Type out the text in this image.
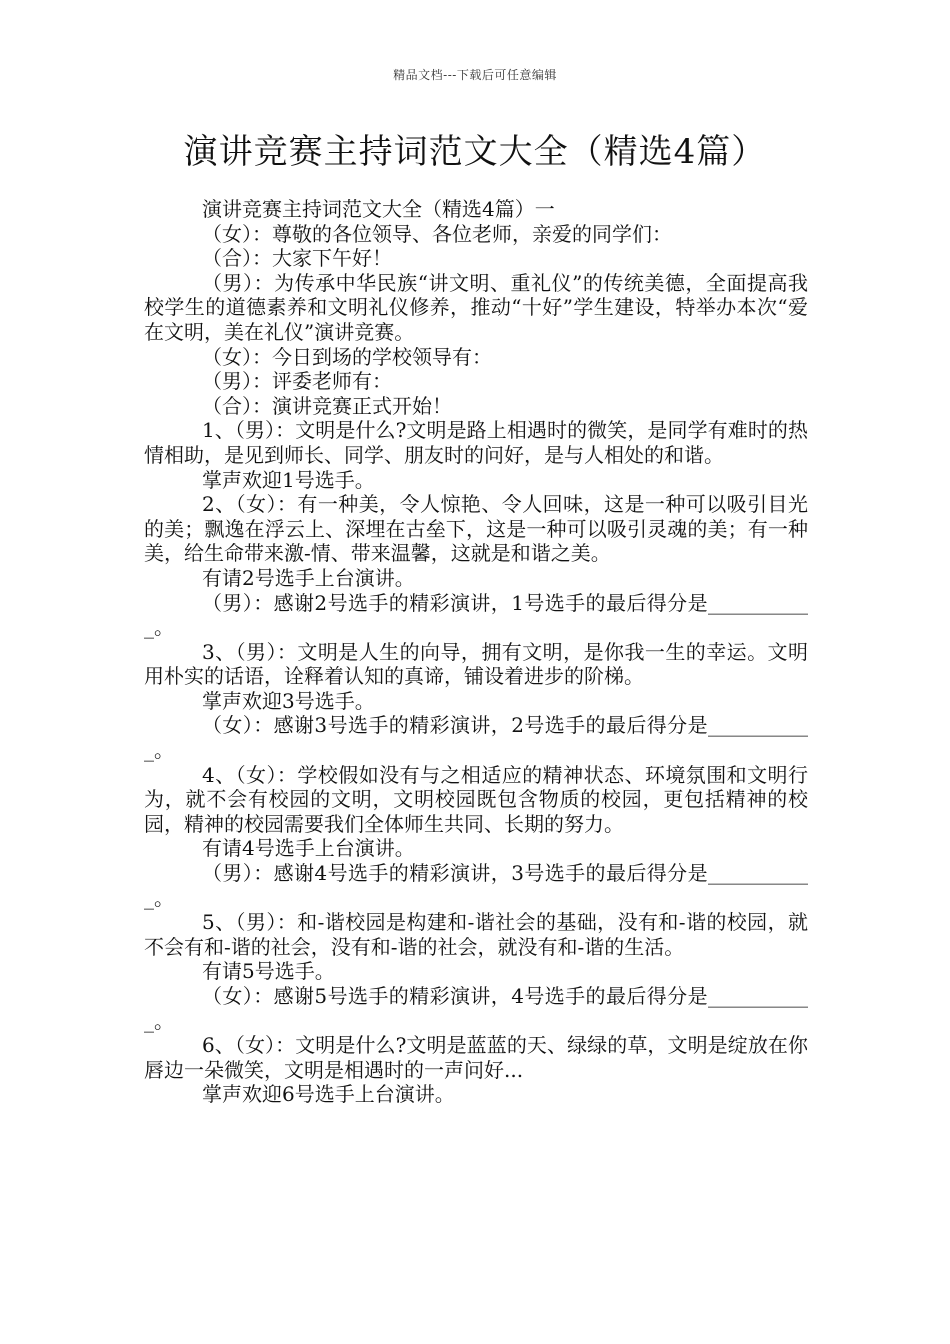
精品文档---下载后可任意编辑
演讲竞赛主持词范文大全（精选4篇）

演讲竞赛主持词范文大全（精选4篇）一

（女）：尊敬的各位领导、各位老师，亲爱的同学们：

（合）：大家下午好！

（男）：为传承中华民族“讲文明、重礼仪”的传统美德，全面提高我校学生的道德素养和文明礼仪修养，推动“十好”学生建设，特举办本次“爱在文明，美在礼仪”演讲竞赛。

（女）：今日到场的学校领导有：

（男）：评委老师有：

（合）：演讲竞赛正式开始！

1、（男）：文明是什么?文明是路上相遇时的微笑，是同学有难时的热情相助，是见到师长、同学、朋友时的问好，是与人相处的和谐。

掌声欢迎1号选手。

2、（女）：有一种美，令人惊艳、令人回味，这是一种可以吸引目光的美；飘逸在浮云上、深埋在古垒下，这是一种可以吸引灵魂的美；有一种美，给生命带来激-情、带来温馨，这就是和谐之美。

有请2号选手上台演讲。

（男）：感谢2号选手的精彩演讲，1号选手的最后得分是___________。

3、（男）：文明是人生的向导，拥有文明，是你我一生的幸运。文明用朴实的话语，诠释着认知的真谛，铺设着进步的阶梯。

掌声欢迎3号选手。

（女）：感谢3号选手的精彩演讲，2号选手的最后得分是___________。

4、（女）：学校假如没有与之相适应的精神状态、环境氛围和文明行为，就不会有校园的文明，文明校园既包含物质的校园，更包括精神的校园，精神的校园需要我们全体师生共同、长期的努力。

有请4号选手上台演讲。

（男）：感谢4号选手的精彩演讲，3号选手的最后得分是___________。

5、（男）：和-谐校园是构建和-谐社会的基础，没有和-谐的校园，就不会有和-谐的社会，没有和-谐的社会，就没有和-谐的生活。

有请5号选手。

（女）：感谢5号选手的精彩演讲，4号选手的最后得分是___________。

6、（女）：文明是什么?文明是蓝蓝的天、绿绿的草，文明是绽放在你唇边一朵微笑，文明是相遇时的一声问好...

掌声欢迎6号选手上台演讲。
